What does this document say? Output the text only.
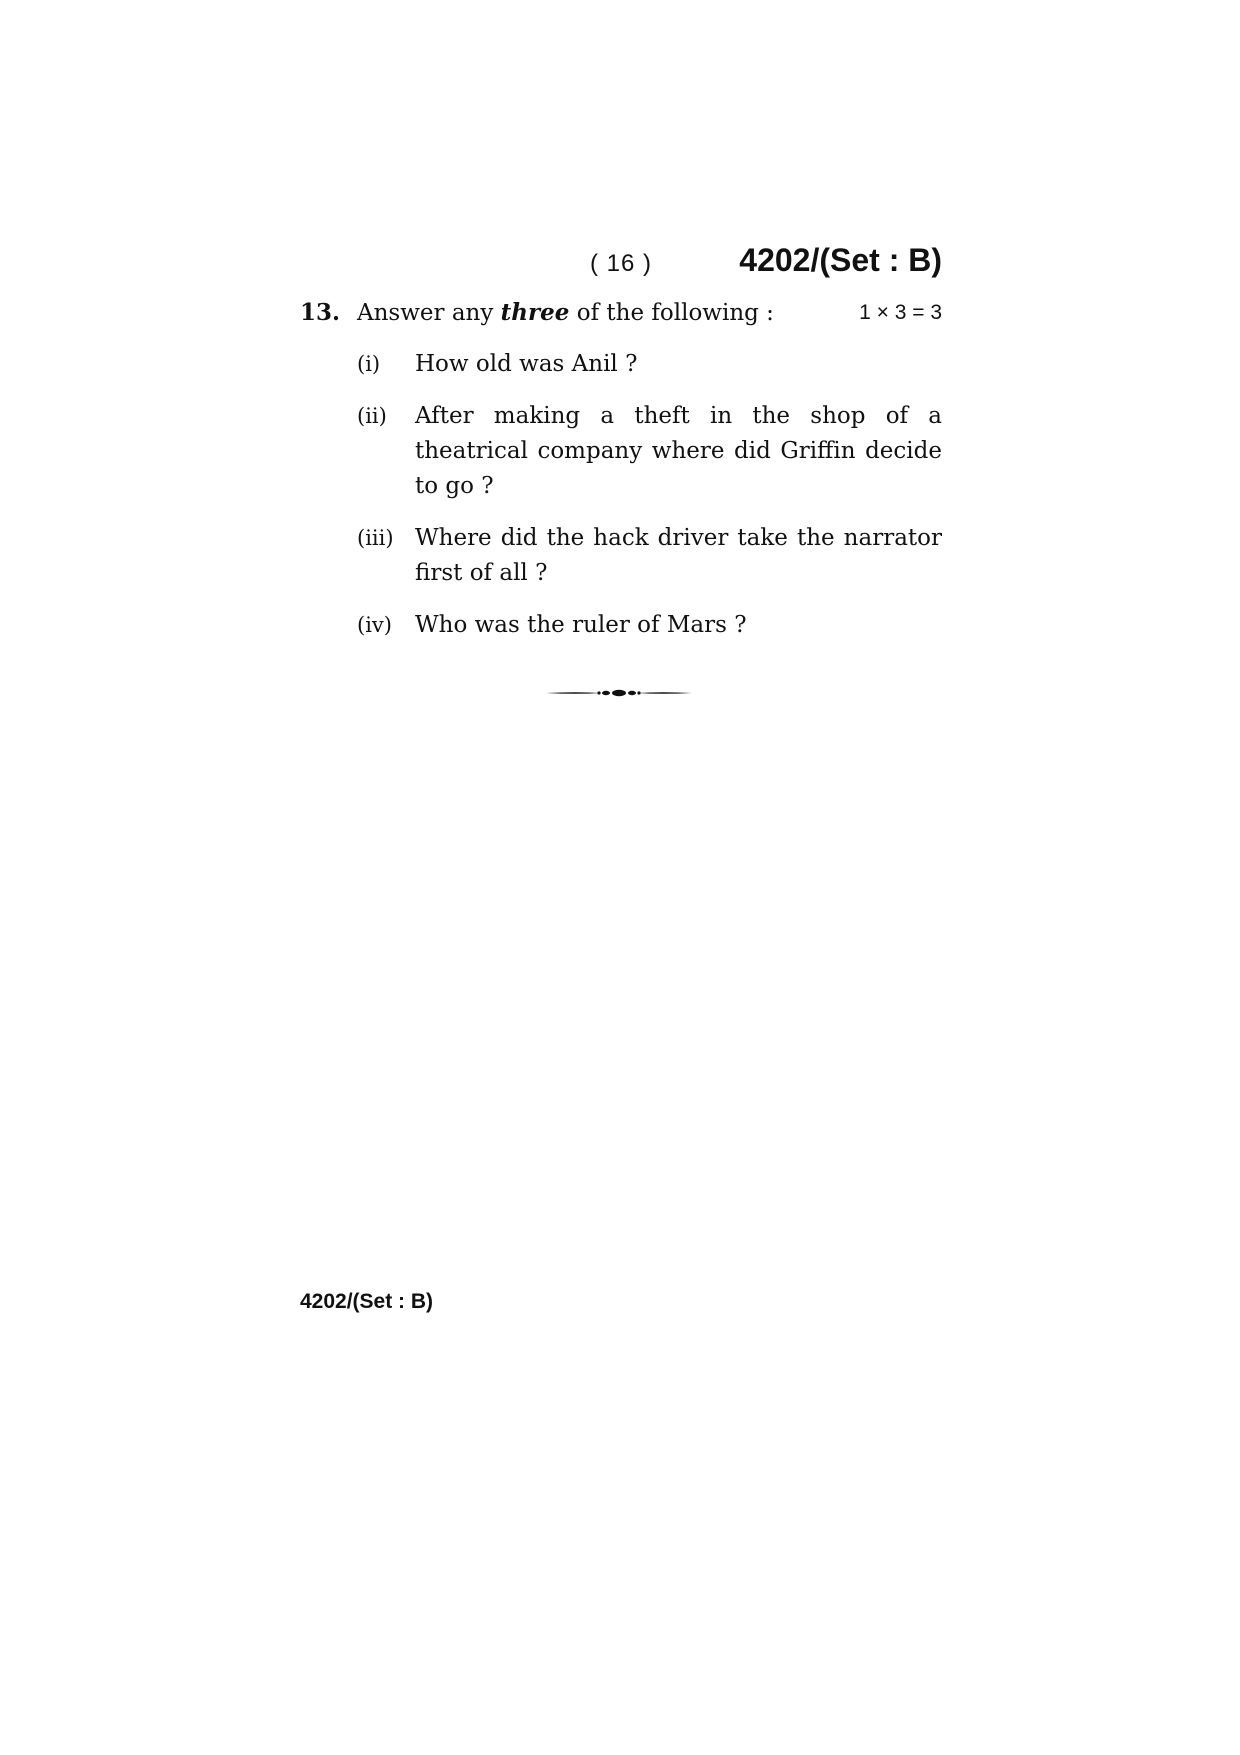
( 16 )	4202/(Set : B)
13. Answer any three of the following :	1 × 3 = 3
(i)	How old was Anil ?
(ii)	After making a theft in the shop of a theatrical company where did Griffin decide to go ?
(iii) Where did the hack driver take the narrator first of all ?
(iv)	Who was the ruler of Mars ?
4202/(Set : B)
